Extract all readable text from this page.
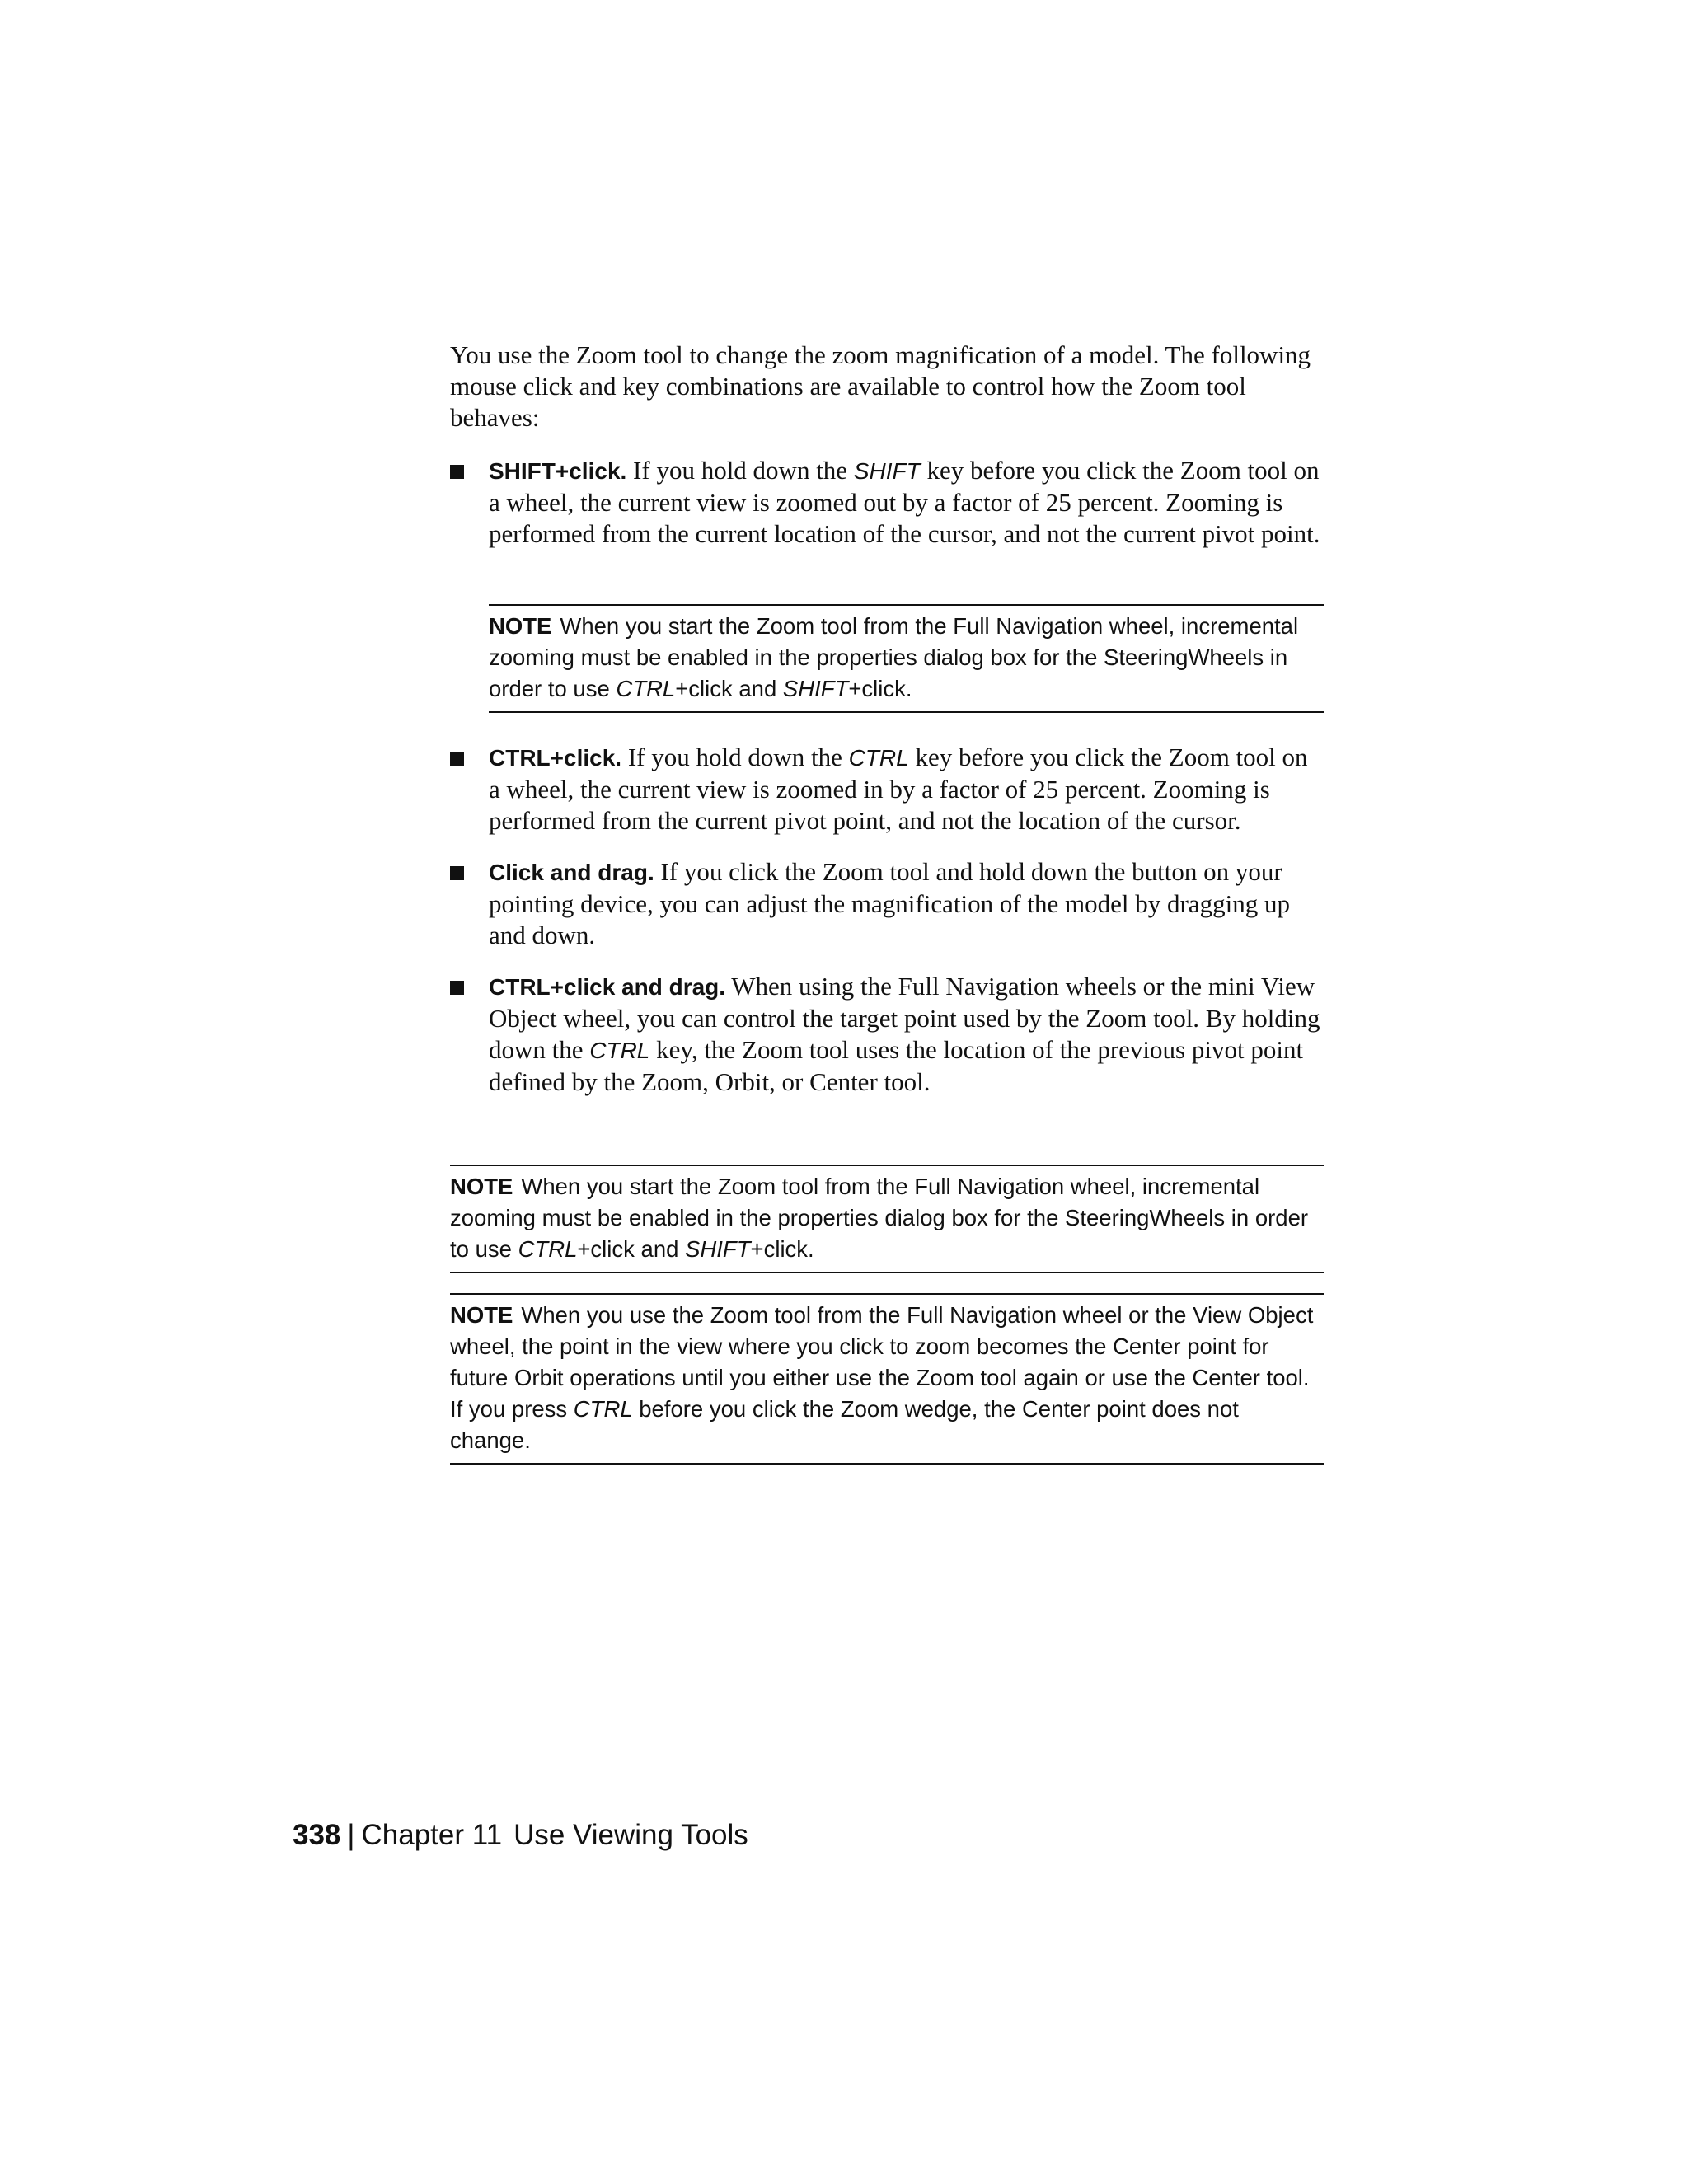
You use the Zoom tool to change the zoom magnification of a model. The following mouse click and key combinations are available to control how the Zoom tool behaves:

SHIFT+click. If you hold down the SHIFT key before you click the Zoom tool on a wheel, the current view is zoomed out by a factor of 25 percent. Zooming is performed from the current location of the cursor, and not the current pivot point.
NOTE When you start the Zoom tool from the Full Navigation wheel, incremental zooming must be enabled in the properties dialog box for the SteeringWheels in order to use CTRL+click and SHIFT+click.
CTRL+click. If you hold down the CTRL key before you click the Zoom tool on a wheel, the current view is zoomed in by a factor of 25 percent. Zooming is performed from the current pivot point, and not the location of the cursor.
Click and drag. If you click the Zoom tool and hold down the button on your pointing device, you can adjust the magnification of the model by dragging up and down.
CTRL+click and drag. When using the Full Navigation wheels or the mini View Object wheel, you can control the target point used by the Zoom tool. By holding down the CTRL key, the Zoom tool uses the location of the previous pivot point defined by the Zoom, Orbit, or Center tool.
NOTE When you start the Zoom tool from the Full Navigation wheel, incremental zooming must be enabled in the properties dialog box for the SteeringWheels in order to use CTRL+click and SHIFT+click.
NOTE When you use the Zoom tool from the Full Navigation wheel or the View Object wheel, the point in the view where you click to zoom becomes the Center point for future Orbit operations until you either use the Zoom tool again or use the Center tool. If you press CTRL before you click the Zoom wedge, the Center point does not change.
338 | Chapter 11 Use Viewing Tools
